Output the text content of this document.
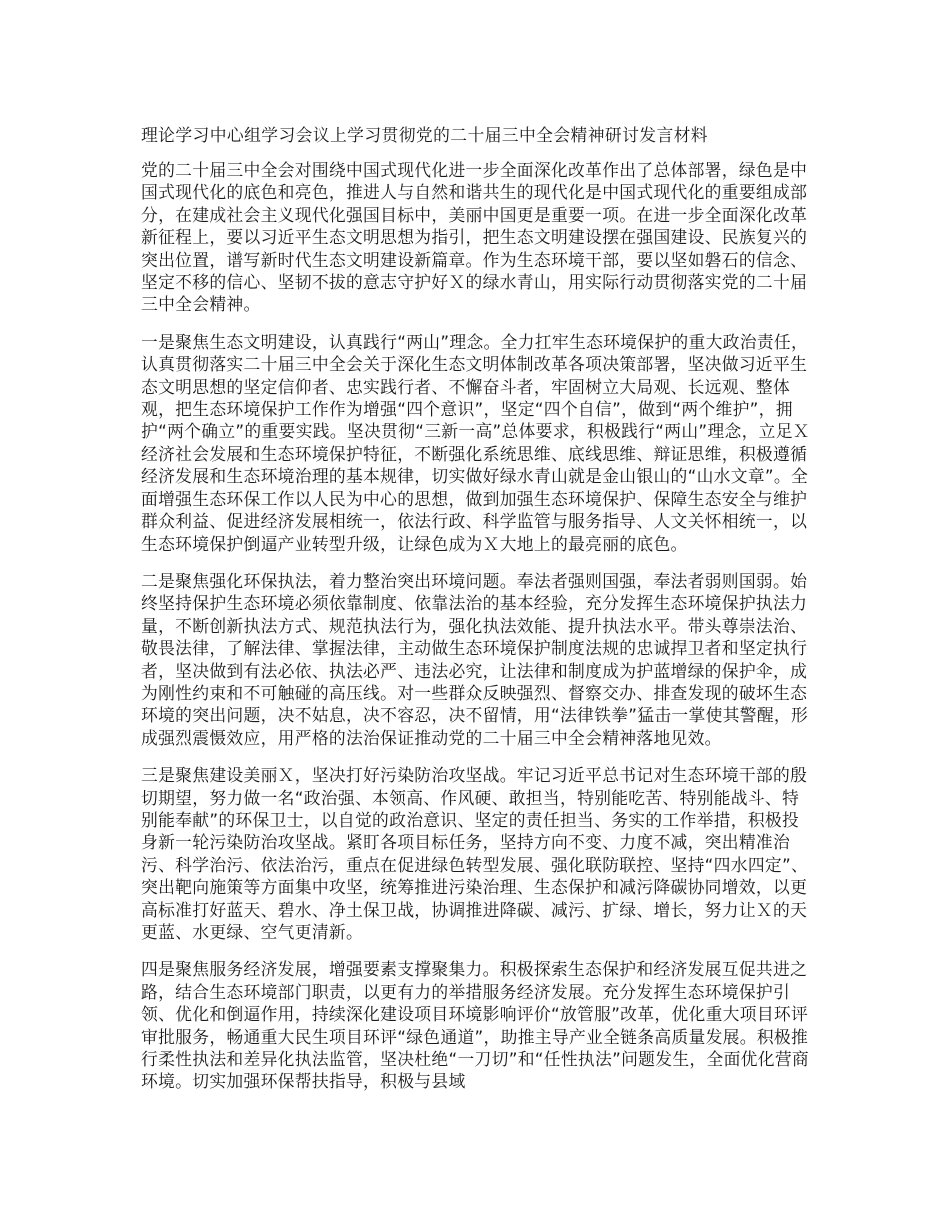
理论学习中心组学习会议上学习贯彻党的二十届三中全会精神研讨发言材料

党的二十届三中全会对围绕中国式现代化进一步全面深化改革作出了总体部署，绿色是中国式现代化的底色和亮色，推进人与自然和谐共生的现代化是中国式现代化的重要组成部分，在建成社会主义现代化强国目标中，美丽中国更是重要一项。在进一步全面深化改革新征程上，要以习近平生态文明思想为指引，把生态文明建设摆在强国建设、民族复兴的突出位置，谱写新时代生态文明建设新篇章。作为生态环境干部，要以坚如磐石的信念、坚定不移的信心、坚韧不拔的意志守护好Ｘ的绿水青山，用实际行动贯彻落实党的二十届三中全会精神。

一是聚焦生态文明建设，认真践行“两山”理念。全力扛牢生态环境保护的重大政治责任，认真贯彻落实二十届三中全会关于深化生态文明体制改革各项决策部署，坚决做习近平生态文明思想的坚定信仰者、忠实践行者、不懈奋斗者，牢固树立大局观、长远观、整体观，把生态环境保护工作作为增强“四个意识”，坚定“四个自信”，做到“两个维护”，拥护“两个确立”的重要实践。坚决贯彻“三新一高”总体要求，积极践行“两山”理念，立足Ｘ经济社会发展和生态环境保护特征，不断强化系统思维、底线思维、辩证思维，积极遵循经济发展和生态环境治理的基本规律，切实做好绿水青山就是金山银山的“山水文章”。全面增强生态环保工作以人民为中心的思想，做到加强生态环境保护、保障生态安全与维护群众利益、促进经济发展相统一，依法行政、科学监管与服务指导、人文关怀相统一，以生态环境保护倒逼产业转型升级，让绿色成为Ｘ大地上的最亮丽的底色。

二是聚焦强化环保执法，着力整治突出环境问题。奉法者强则国强，奉法者弱则国弱。始终坚持保护生态环境必须依靠制度、依靠法治的基本经验，充分发挥生态环境保护执法力量，不断创新执法方式、规范执法行为，强化执法效能、提升执法水平。带头尊崇法治、敬畏法律，了解法律、掌握法律，主动做生态环境保护制度法规的忠诚捍卫者和坚定执行者，坚决做到有法必依、执法必严、违法必究，让法律和制度成为护蓝增绿的保护伞，成为刚性约束和不可触碰的高压线。对一些群众反映强烈、督察交办、排查发现的破坏生态环境的突出问题，决不姑息，决不容忍，决不留情，用“法律铁拳”猛击一掌使其警醒，形成强烈震慑效应，用严格的法治保证推动党的二十届三中全会精神落地见效。

三是聚焦建设美丽Ｘ，坚决打好污染防治攻坚战。牢记习近平总书记对生态环境干部的殷切期望，努力做一名“政治强、本领高、作风硬、敢担当，特别能吃苦、特别能战斗、特别能奉献”的环保卫士，以自觉的政治意识、坚定的责任担当、务实的工作举措，积极投身新一轮污染防治攻坚战。紧盯各项目标任务，坚持方向不变、力度不减，突出精准治污、科学治污、依法治污，重点在促进绿色转型发展、强化联防联控、坚持“四水四定”、突出靶向施策等方面集中攻坚，统筹推进污染治理、生态保护和减污降碳协同增效，以更高标准打好蓝天、碧水、净土保卫战，协调推进降碳、减污、扩绿、增长，努力让Ｘ的天更蓝、水更绿、空气更清新。

四是聚焦服务经济发展，增强要素支撑聚集力。积极探索生态保护和经济发展互促共进之路，结合生态环境部门职责，以更有力的举措服务经济发展。充分发挥生态环境保护引领、优化和倒逼作用，持续深化建设项目环境影响评价“放管服”改革，优化重大项目环评审批服务，畅通重大民生项目环评“绿色通道”，助推主导产业全链条高质量发展。积极推行柔性执法和差异化执法监管，坚决杜绝“一刀切”和“任性执法”问题发生，全面优化营商环境。切实加强环保帮扶指导，积极与县域
